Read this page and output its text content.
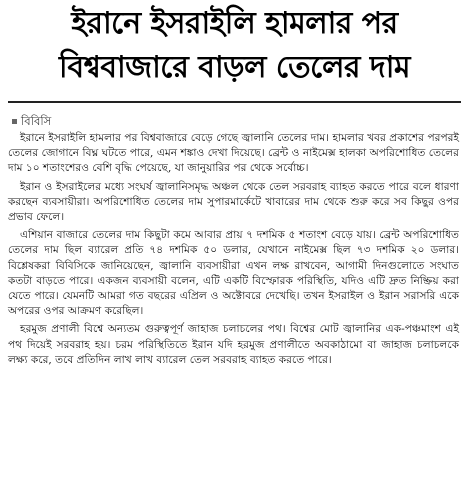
ইরানে ইসরাইলি হামলার পর
বিশ্ববাজারে বাড়ল তেলের দাম
বিবিসি

ইরানে ইসরাইলি হামলার পর বিশ্ববাজারে বেড়ে গেছে জ্বালানি তেলের দাম। হামলার খবর প্রকাশের পরপরই তেলের জোগানে বিঘ্ন ঘটতে পারে, এমন শঙ্কাও দেখা দিয়েছে। ব্রেন্ট ও নাইমেক্স হালকা অপরিশোধিত তেলের দাম ১০ শতাংশেরও বেশি বৃদ্ধি পেয়েছে, যা জানুয়ারির পর থেকে সর্বোচ্চ।

ইরান ও ইসরাইলের মধ্যে সংঘর্ষ জ্বালানিসমৃদ্ধ অঞ্চল থেকে তেল সরবরাহ ব্যাহত করতে পারে বলে ধারণা করছেন ব্যবসায়ীরা। অপরিশোধিত তেলের দাম সুপারমার্কেটে খাবারের দাম থেকে শুরু করে সব কিছুর ওপর প্রভাব ফেলে।

এশিয়ান বাজারে তেলের দাম কিছুটা কমে আবার প্রায় ৭ দশমিক ৫ শতাংশ বেড়ে যায়। ব্রেন্ট অপরিশোধিত তেলের দাম ছিল ব্যারেল প্রতি ৭৪ দশমিক ৫০ ডলার, যেখানে নাইমেক্স ছিল ৭৩ দশমিক ২০ ডলার। বিশ্লেষকরা বিবিসিকে জানিয়েছেন, জ্বালানি ব্যবসায়ীরা এখন লক্ষ রাখবেন, আগামী দিনগুলোতে সংঘাত কতটা বাড়তে পারে। একজন ব্যবসায়ী বলেন, এটি একটি বিস্ফোরক পরিস্থিতি, যদিও এটি দ্রুত নিষ্ক্রিয় করা যেতে পারে। যেমনটি আমরা গত বছরের এপ্রিল ও অক্টোবরে দেখেছি। তখন ইসরাইল ও ইরান সরাসরি একে অপরের ওপর আক্রমণ করেছিল।

হরমুজ প্রণালী বিশ্বে অন্যতম গুরুত্বপূর্ণ জাহাজ চলাচলের পথ। বিশ্বের মোট জ্বালানির এক-পঞ্চমাংশ এই পথ দিয়েই সরবরাহ হয়। চরম পরিস্থিতিতে ইরান যদি হরমুজ প্রণালীতে অবকাঠামো বা জাহাজ চলাচলকে লক্ষ্য করে, তবে প্রতিদিন লাখ লাখ ব্যারেল তেল সরবরাহ ব্যাহত করতে পারে।
